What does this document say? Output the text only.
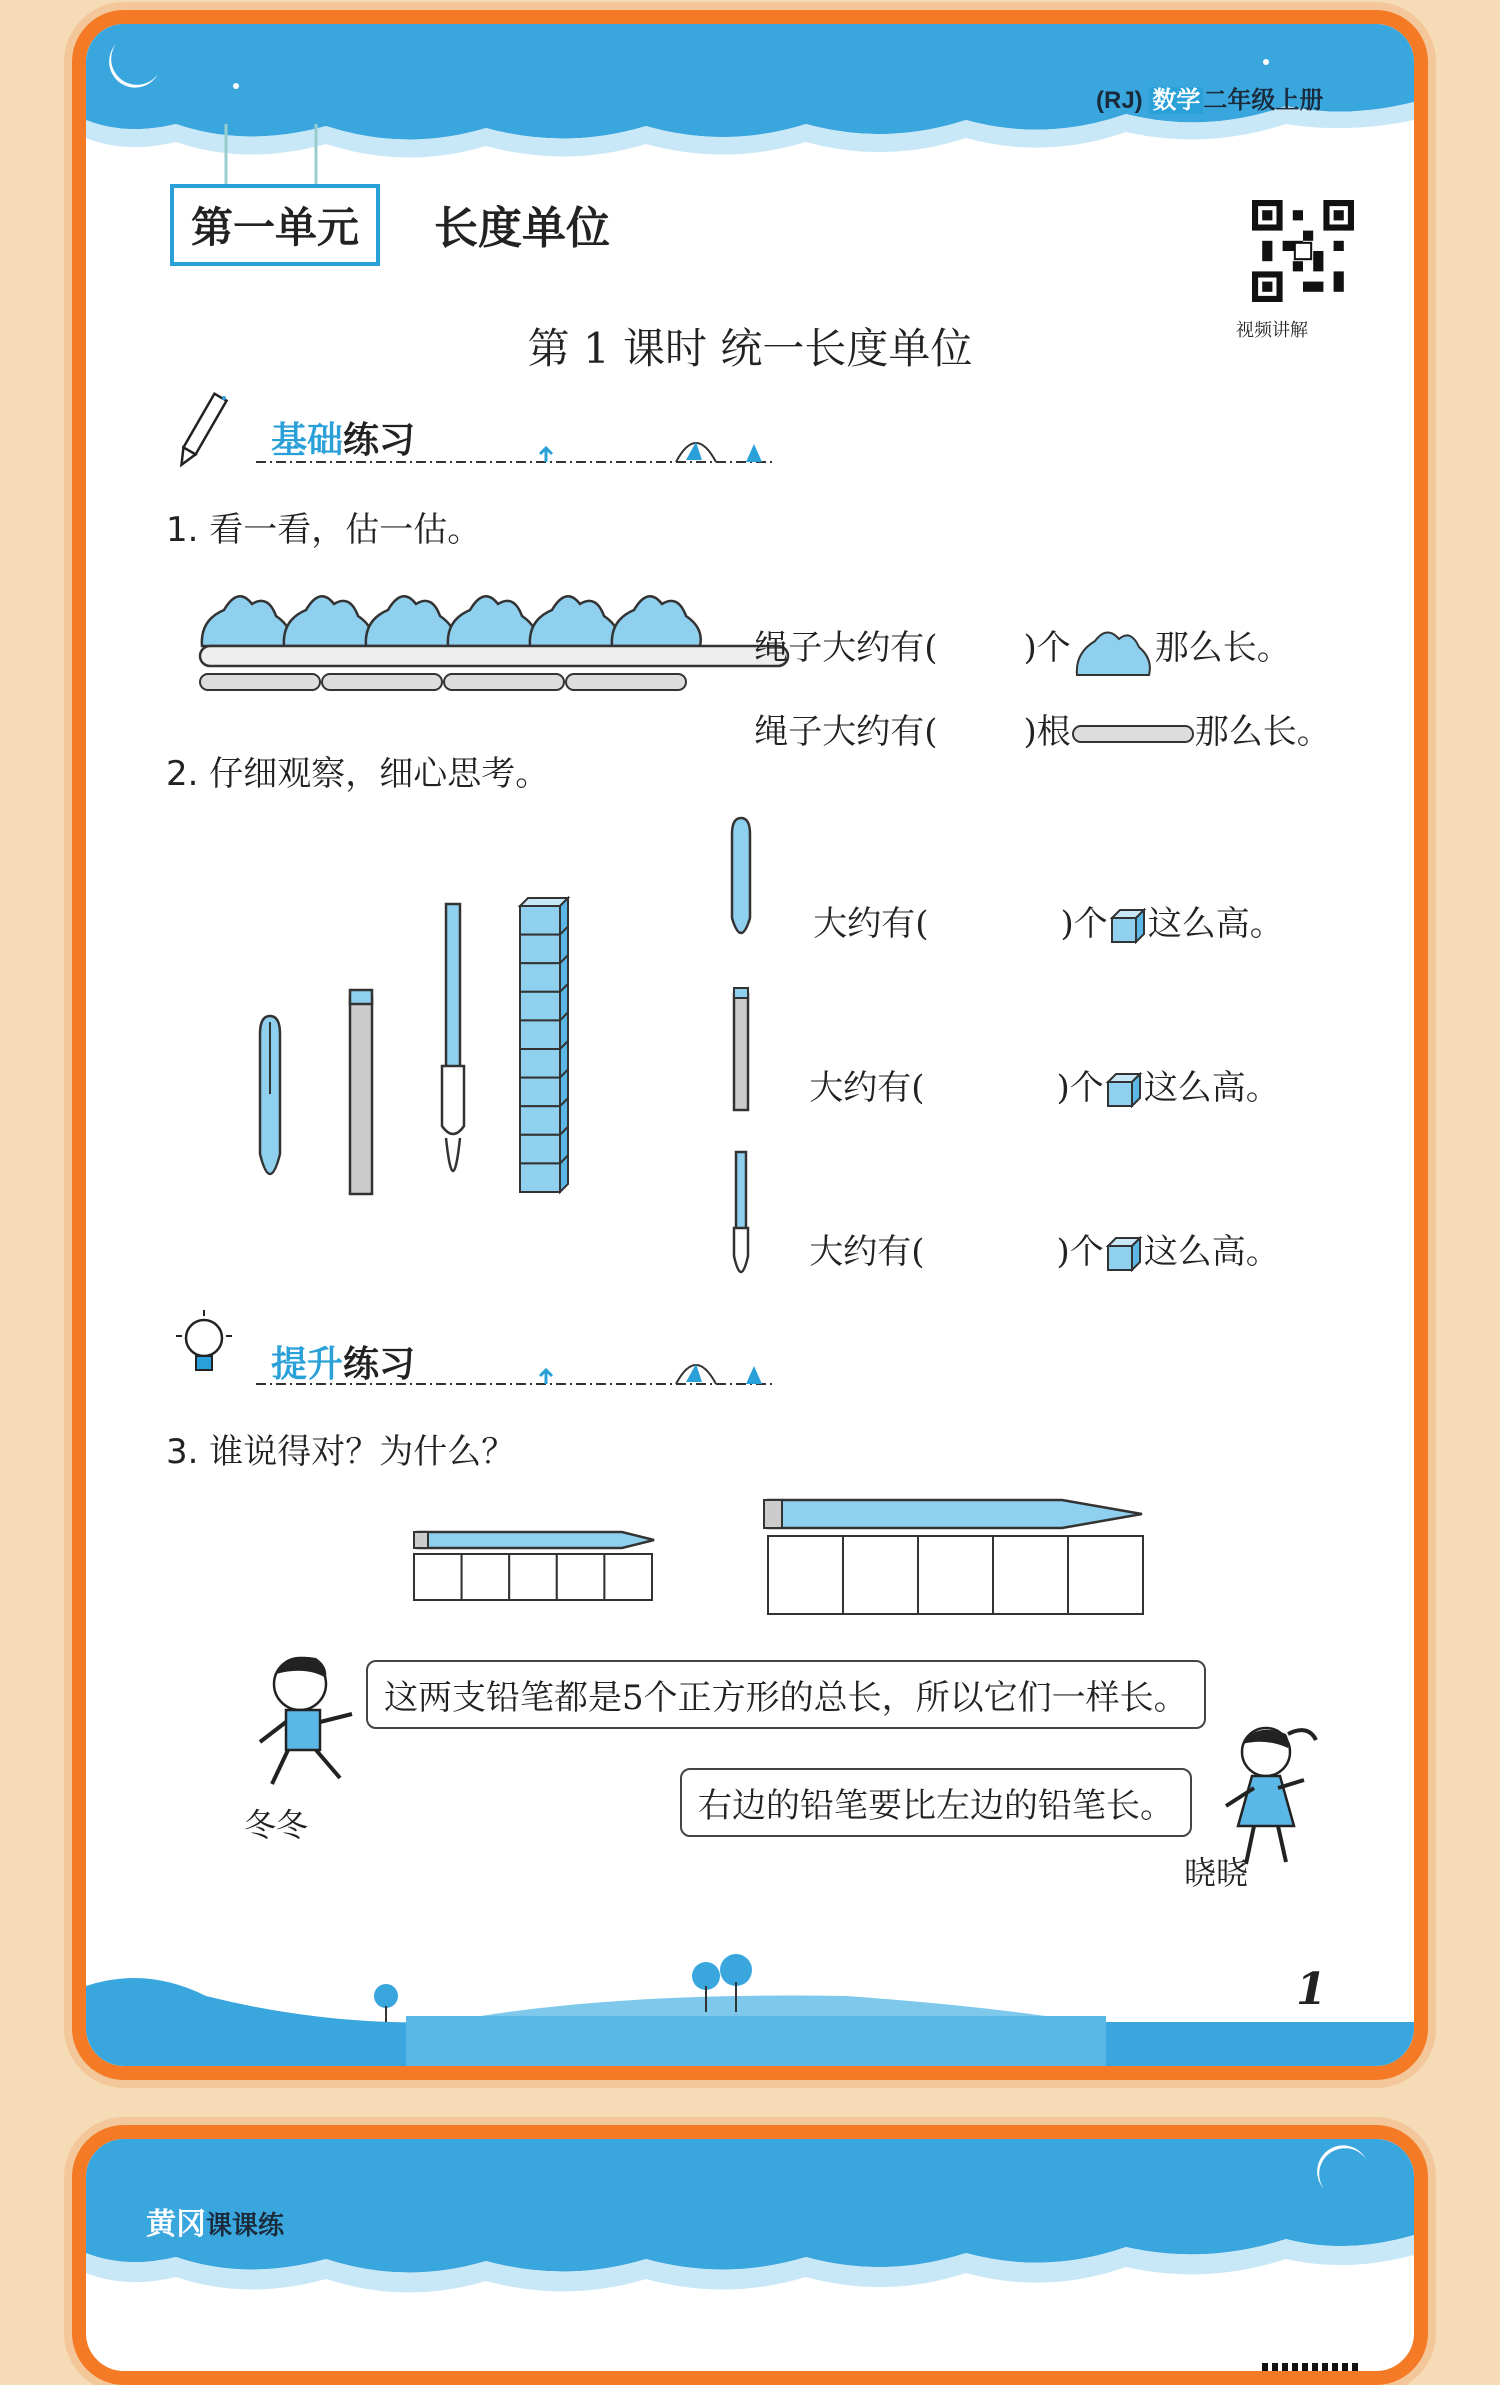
(RJ) 数学 二年级上册
第一单元	长度单位
视频讲解
第 1 课时 统一长度单位
基础练习
1. 看一看，估一估。

绳子大约有(	)个 那么长。

绳子大约有(	)根	那么长。

2. 仔细观察，细心思考。

大约有(	)个 这么高。

大约有(	)个 这么高。

大约有(	)个 这么高。

提升练习
3. 谁说得对？为什么？
这两支铅笔都是5个正方形的总长，所以它们一样长。
冬冬	右边的铅笔要比左边的铅笔长。
晓晓
1
黄冈课课练
